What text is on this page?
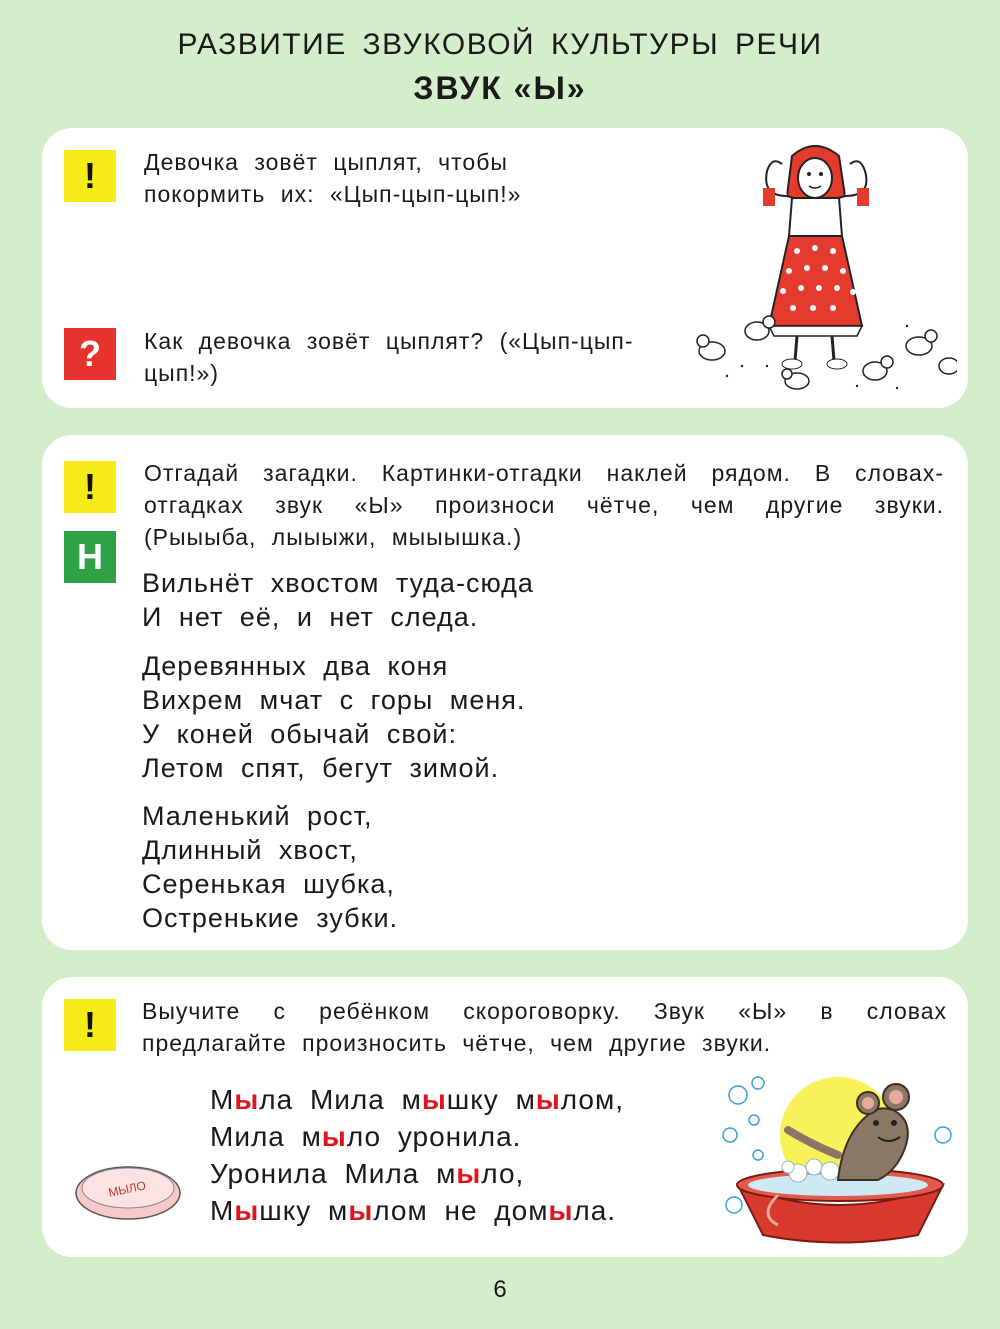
РАЗВИТИЕ ЗВУКОВОЙ КУЛЬТУРЫ РЕЧИ
ЗВУК «Ы»
!	Девочка зовёт цыплят, чтобы покормить их: «Цып-цып-цып!»
?	Как девочка зовёт цыплят? («Цып-цып-цып!»)
!
Н
Отгадай загадки. Картинки-отгадки наклей рядом. В словах-отгадках звук «Ы» произноси чётче, чем другие звуки. (Рыыыба, лыыыжи, мыыышка.)
Вильнёт хвостом туда-сюда
И нет её, и нет следа.
Деревянных два коня
Вихрем мчат с горы меня.
У коней обычай свой:
Летом спят, бегут зимой.
Маленький рост,
Длинный хвост,
Серенькая шубка,
Остренькие зубки.
!	Выучите с ребёнком скороговорку. Звук «Ы» в словах предлагайте произносить чётче, чем другие звуки.
Мыла Мила мышку мылом,
Мила мыло уронила.
Уронила Мила мыло,
Мышку мылом не домыла.
МЫЛО
6
